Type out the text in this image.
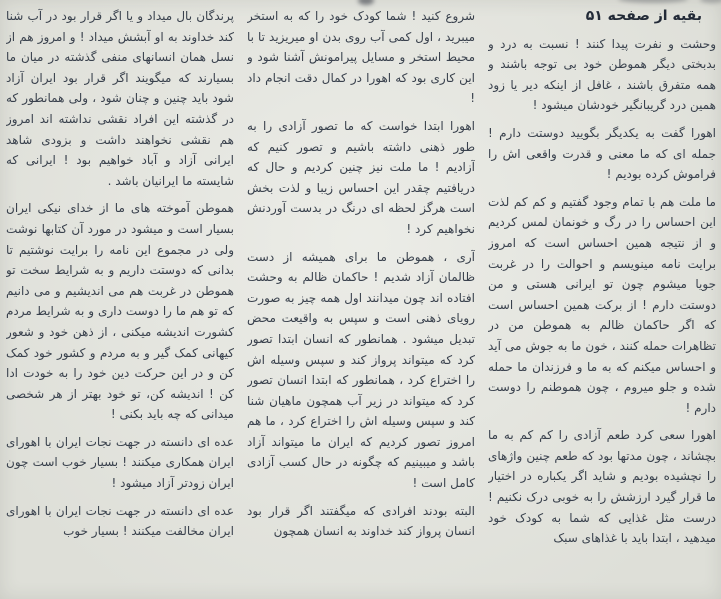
بقیه از صفحه ۵۱

وحشت و نفرت پیدا کنند ! نسبت به درد و بدبختی دیگر هموطن خود بی توجه باشند و همه متفرق باشند ، غافل از اینکه دیر یا زود همین درد گریبانگیر خودشان میشود !

اهورا گفت به یکدیگر بگویید دوستت دارم ! جمله ای که ما معنی و قدرت واقعی اش را فراموش کرده بودیم !

ما ملت هم با تمام وجود گفتیم و کم کم لذت این احساس را در رگ و خونمان لمس کردیم و از نتیجه همین احساس است که امروز برایت نامه مینویسم و احوالت را در غربت جویا میشوم چون تو ایرانی هستی و من دوستت دارم ! از برکت همین احساس است که اگر حاکمان ظالم به هموطن من در تظاهرات حمله کنند ، خون ما به جوش می آید و احساس میکنم که به ما و فرزندان ما حمله شده و جلو میروم ، چون هموطنم را دوست دارم !

اهورا سعی کرد طعم آزادی را کم کم به ما بچشاند ، چون مدتها بود که طعم چنین واژهای را نچشیده بودیم و شاید اگر یکباره در اختیار ما قرار گیرد ارزشش را به خوبی درک نکنیم ! درست مثل غذایی که شما به کودک خود میدهید ، ابتدا باید با غذاهای سبک

شروع کنید ! شما کودک خود را که به استخر میبرید ، اول کمی آب روی بدن او میریزید تا با محیط استخر و مسایل پیرامونش آشنا شود و این کاری بود که اهورا در کمال دقت انجام داد !

اهورا ابتدا خواست که ما تصور آزادی را به طور ذهنی داشته باشیم و تصور کنیم که آزادیم ! ما ملت نیز چنین کردیم و حال که دریافتیم چقدر این احساس زیبا و لذت بخش است هرگز لحظه ای درنگ در بدست آوردنش نخواهیم کرد !

آری ، هموطن ما برای همیشه از دست ظالمان آزاد شدیم ! حاکمان ظالم به وحشت افتاده اند چون میدانند اول همه چیز به صورت رویای ذهنی است و سپس به واقیعت محض تبدیل میشود . همانطور که انسان ابتدا تصور کرد که میتواند پرواز کند و سپس وسیله اش را اختراع کرد ، همانطور که ابتدا انسان تصور کرد که میتواند در زیر آب همچون ماهیان شنا کند و سپس وسیله اش را اختراع کرد ، ما هم امروز تصور کردیم که ایران ما میتواند آزاد باشد و میبینیم که چگونه در حال کسب آزادی کامل است !

البته بودند افرادی که میگفتند اگر قرار بود انسان پرواز کند خداوند به انسان همچون

پرندگان بال میداد و یا اگر قرار بود در آب شنا کند خداوند به او آبشش میداد ! و امروز هم از نسل همان انسانهای منفی گذشته در میان ما بسیارند که میگویند اگر قرار بود ایران آزاد شود باید چنین و چنان شود ، ولی همانطور که در گذشته این افراد نقشی نداشته اند امروز هم نقشی نخواهند داشت و بزودی شاهد ایرانی آزاد و آباد خواهیم بود ! ایرانی که شایسته ما ایرانیان باشد .

هموطن آموخته های ما از خدای نیکی ایران بسیار است و میشود در مورد آن کتابها نوشت ولی در مجموع این نامه را برایت نوشتیم تا بدانی که دوستت داریم و به شرایط سخت تو هموطن در غربت هم می اندیشیم و می دانیم که تو هم ما را دوست داری و به شرایط مردم کشورت اندیشه میکنی ، از ذهن خود و شعور کیهانی کمک گیر و به مردم و کشور خود کمک کن و در این حرکت دین خود را به خودت ادا کن ! اندیشه کن، تو خود بهتر از هر شخصی میدانی که چه باید بکنی !

عده ای دانسته در جهت نجات ایران با اهورای ایران همکاری میکنند ! بسیار خوب است چون ایران زودتر آزاد میشود !

عده ای دانسته در جهت نجات ایران با اهورای ایران مخالفت میکنند ! بسیار خوب
